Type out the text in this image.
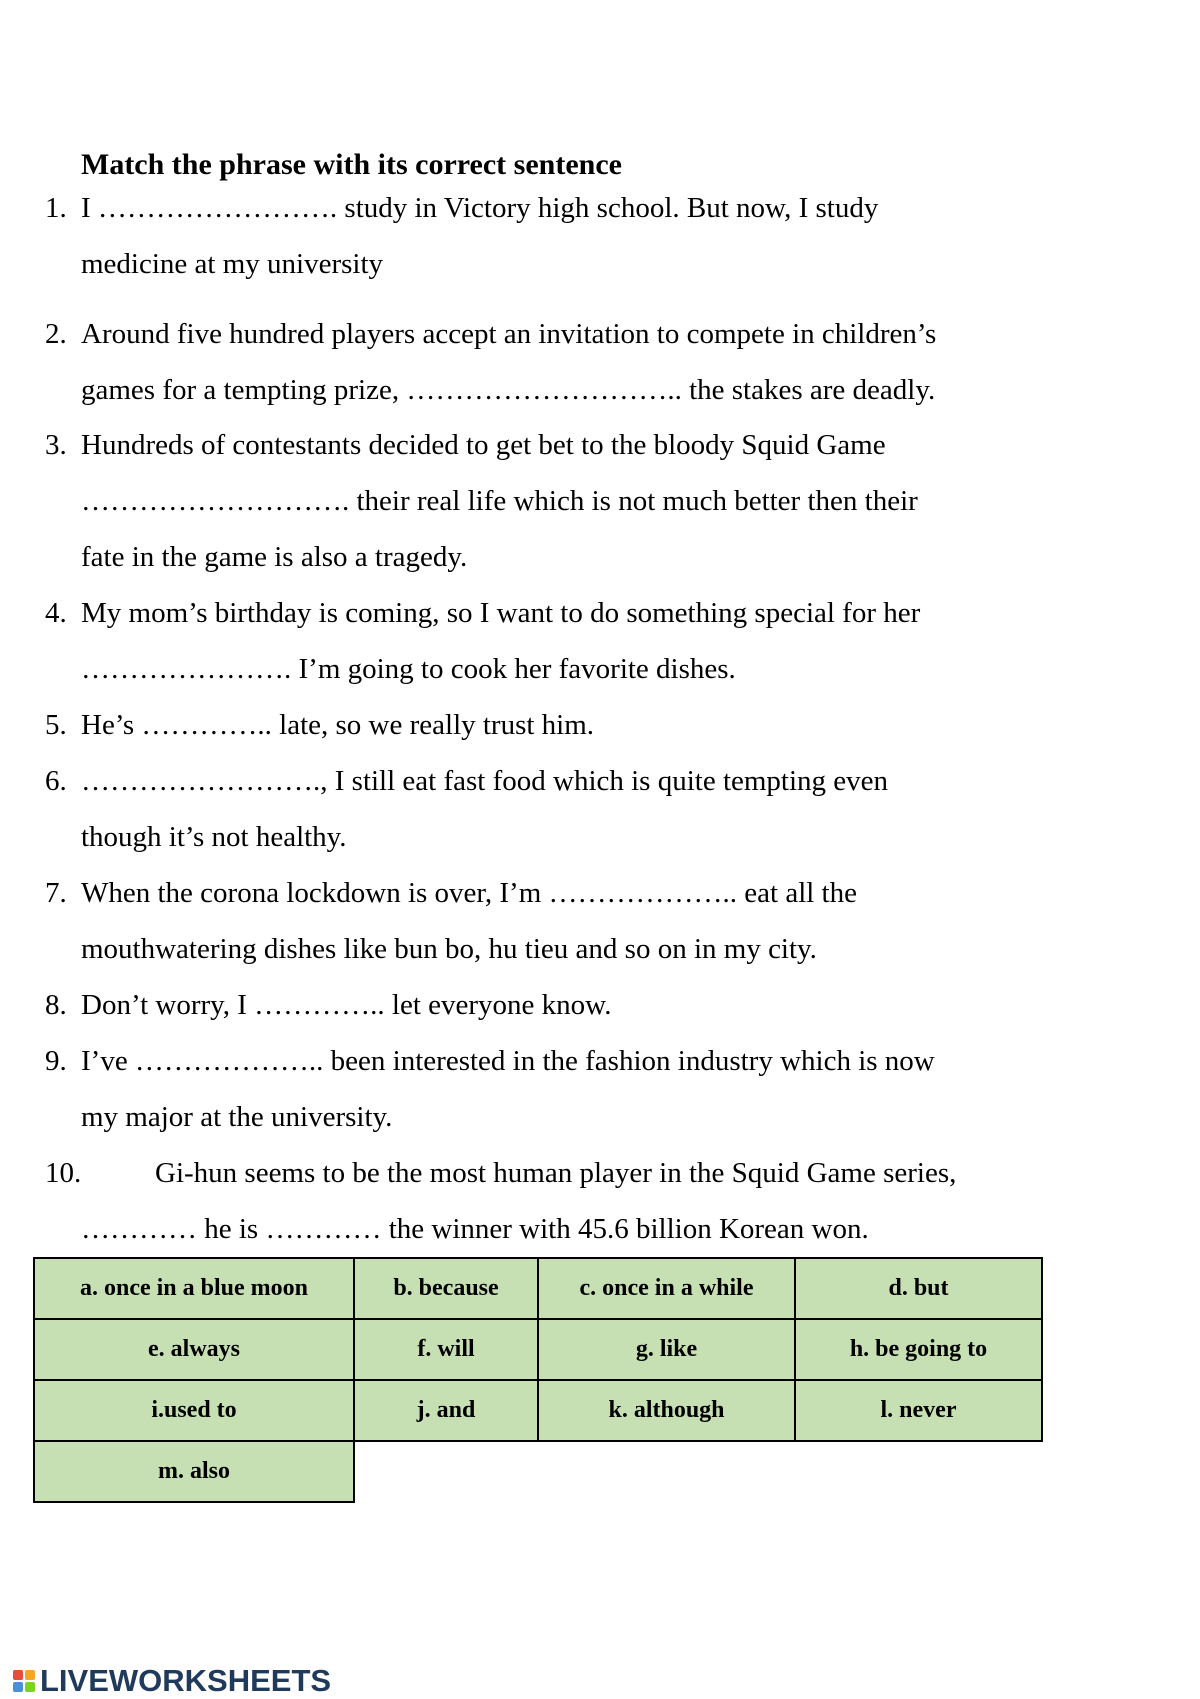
Match the phrase with its correct sentence
1. I ……………………. study in Victory high school. But now, I study
medicine at my university
2. Around five hundred players accept an invitation to compete in children’s
games for a tempting prize, ……………………….. the stakes are deadly.
3. Hundreds of contestants decided to get bet to the bloody Squid Game
………………………. their real life which is not much better then their
fate in the game is also a tragedy.
4. My mom’s birthday is coming, so I want to do something special for her
…………………. I’m going to cook her favorite dishes.
5. He’s ………….. late, so we really trust him.
6. ……………………., I still eat fast food which is quite tempting even
though it’s not healthy.
7. When the corona lockdown is over, I’m ……………….. eat all the
mouthwatering dishes like bun bo, hu tieu and so on in my city.
8. Don’t worry, I ………….. let everyone know.
9. I’ve ……………….. been interested in the fashion industry which is now
my major at the university.
10.	Gi-hun seems to be the most human player in the Squid Game series,
………… he is ………… the winner with 45.6 billion Korean won.
a. once in a blue moon	b. because	c. once in a while	d. but
e. always	f. will	g. like	h. be going to
i.used to	j. and	k. although	l. never
m. also			
LIVEWORKSHEETS
